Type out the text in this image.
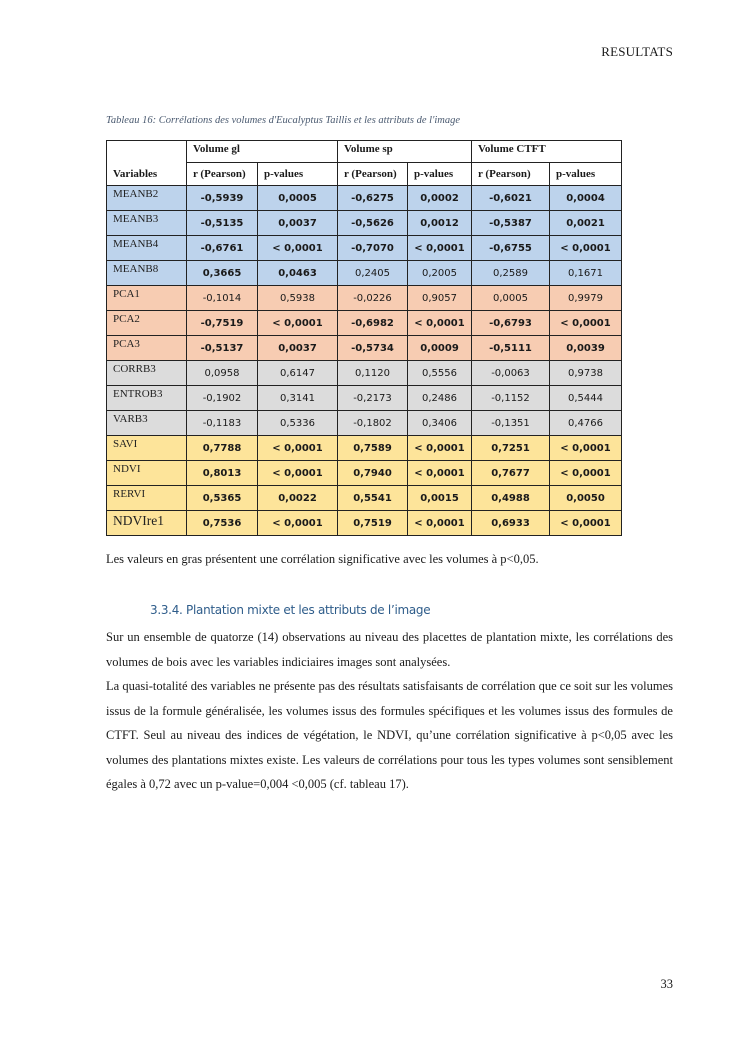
RESULTATS
Tableau 16: Corrélations des volumes d'Eucalyptus Taillis et les attributs de l'image
Variables	Volume gl		Volume sp		Volume CTFT	
	r (Pearson)	p-values	r (Pearson)	p-values	r (Pearson)	p-values
MEANB2	-0,5939	0,0005	-0,6275	0,0002	-0,6021	0,0004
MEANB3	-0,5135	0,0037	-0,5626	0,0012	-0,5387	0,0021
MEANB4	-0,6761	< 0,0001	-0,7070	< 0,0001	-0,6755	< 0,0001
MEANB8	0,3665	0,0463	0,2405	0,2005	0,2589	0,1671
PCA1	-0,1014	0,5938	-0,0226	0,9057	0,0005	0,9979
PCA2	-0,7519	< 0,0001	-0,6982	< 0,0001	-0,6793	< 0,0001
PCA3	-0,5137	0,0037	-0,5734	0,0009	-0,5111	0,0039
CORRB3	0,0958	0,6147	0,1120	0,5556	-0,0063	0,9738
ENTROB3	-0,1902	0,3141	-0,2173	0,2486	-0,1152	0,5444
VARB3	-0,1183	0,5336	-0,1802	0,3406	-0,1351	0,4766
SAVI	0,7788	< 0,0001	0,7589	< 0,0001	0,7251	< 0,0001
NDVI	0,8013	< 0,0001	0,7940	< 0,0001	0,7677	< 0,0001
RERVI	0,5365	0,0022	0,5541	0,0015	0,4988	0,0050
NDVIre1	0,7536	< 0,0001	0,7519	< 0,0001	0,6933	< 0,0001
Les valeurs en gras présentent une corrélation significative avec les volumes à p<0,05.
3.3.4. Plantation mixte et les attributs de l’image

Sur un ensemble de quatorze (14) observations au niveau des placettes de plantation mixte, les corrélations des volumes de bois avec les variables indiciaires images sont analysées.

La quasi-totalité des variables ne présente pas des résultats satisfaisants de corrélation que ce soit sur les volumes issus de la formule généralisée, les volumes issus des formules spécifiques et les volumes issus des formules de CTFT. Seul au niveau des indices de végétation, le NDVI, qu’une corrélation significative à p<0,05 avec les volumes des plantations mixtes existe. Les valeurs de corrélations pour tous les types volumes sont sensiblement égales à 0,72 avec un p-value=0,004 <0,005 (cf. tableau 17).

33
